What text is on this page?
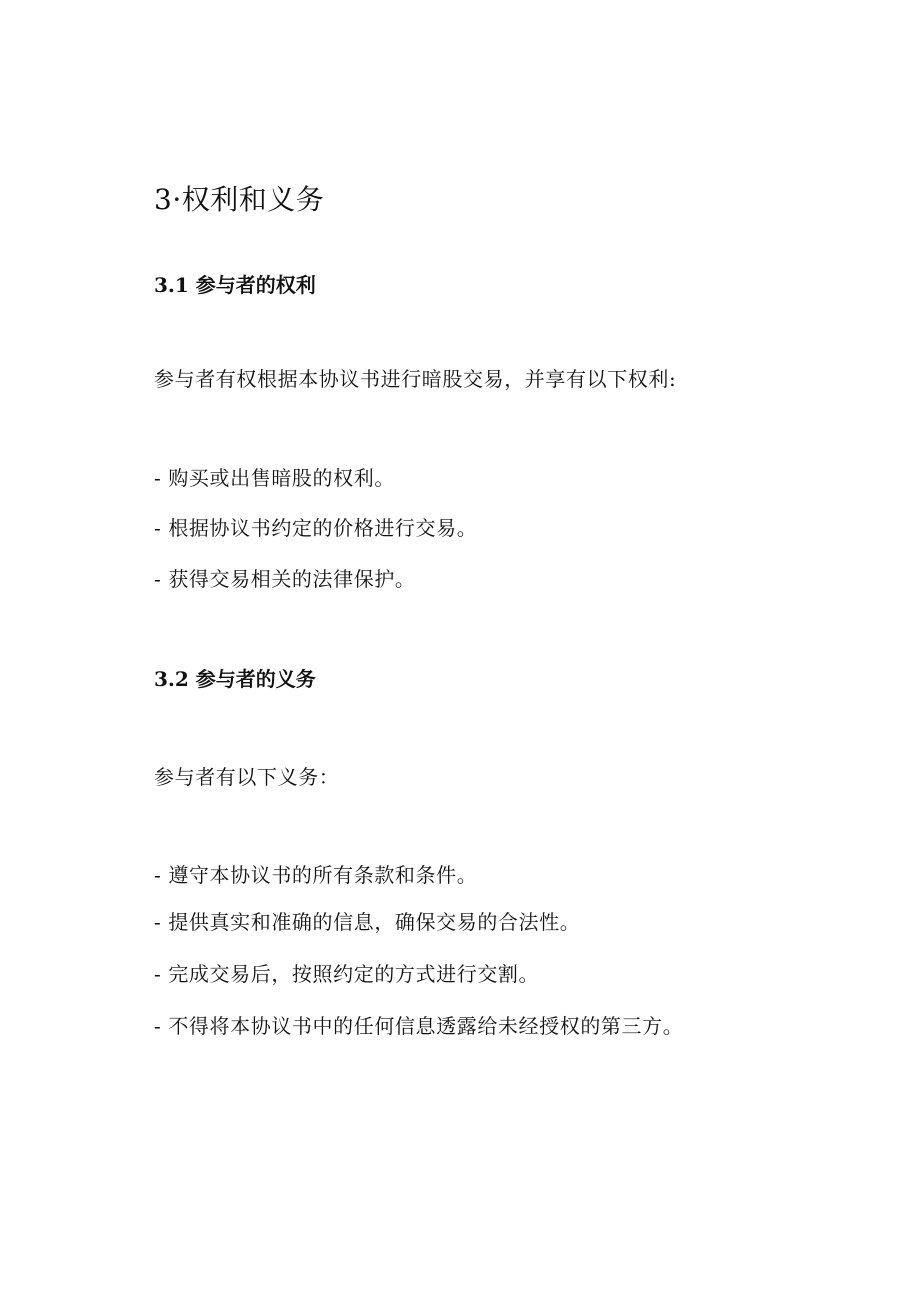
3·权利和义务
3.1 参与者的权利
参与者有权根据本协议书进行暗股交易，并享有以下权利:
- 购买或出售暗股的权利。
- 根据协议书约定的价格进行交易。
- 获得交易相关的法律保护。
3.2 参与者的义务
参与者有以下义务：
- 遵守本协议书的所有条款和条件。
- 提供真实和准确的信息，确保交易的合法性。
- 完成交易后，按照约定的方式进行交割。
- 不得将本协议书中的任何信息透露给未经授权的第三方。
